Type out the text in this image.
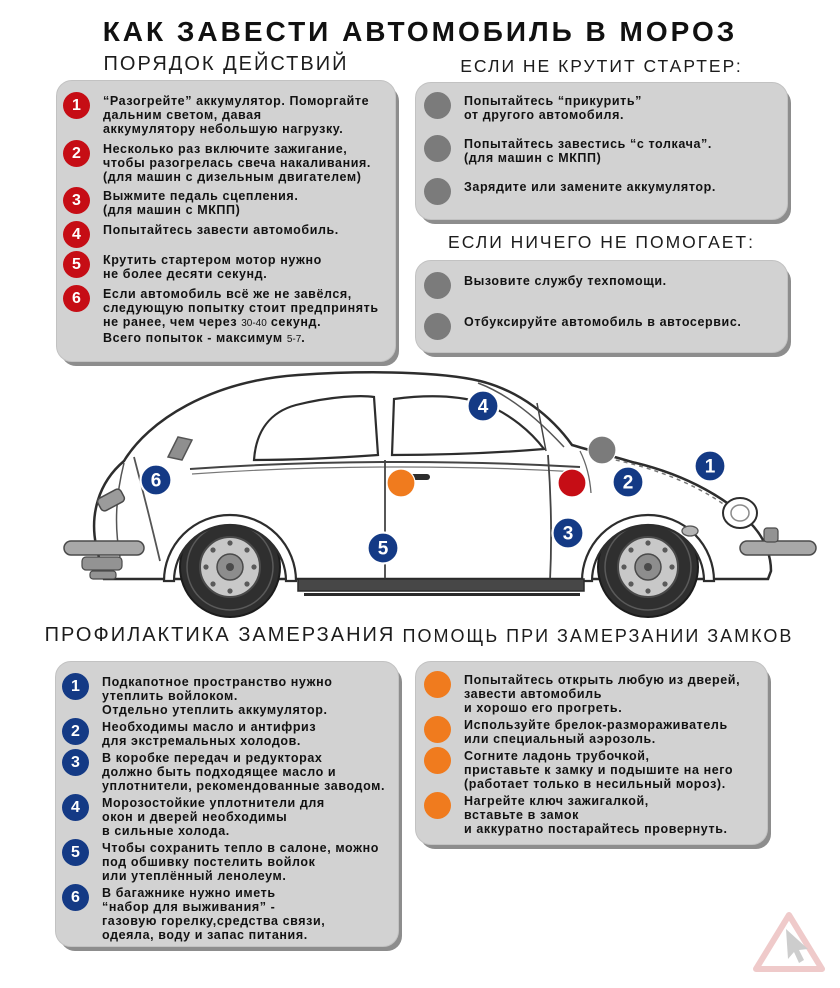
КАК ЗАВЕСТИ АВТОМОБИЛЬ В МОРОЗ
ПОРЯДОК ДЕЙСТВИЙ	ЕСЛИ НЕ КРУТИТ СТАРТЕР:
ЕСЛИ НИЧЕГО НЕ ПОМОГАЕТ:
ПРОФИЛАКТИКА ЗАМЕРЗАНИЯ ПОМОЩЬ ПРИ ЗАМЕРЗАНИИ ЗАМКОВ
1	“Разогрейте” аккумулятор. Поморгайте
дальним светом, давая
аккумулятору небольшую нагрузку.
2	Несколько раз включите зажигание,
чтобы разогрелась свеча накаливания.
(для машин с дизельным двигателем)
3	Выжмите педаль сцепления.
(для машин с МКПП)
4	Попытайтесь завести автомобиль.
5	Крутить стартером мотор нужно
не более десяти секунд.
6	Если автомобиль всё же не завёлся,
следующую попытку стоит предпринять
не ранее, чем через 30-40 секунд.
Всего попыток - максимум 5-7.
Попытайтесь “прикурить”
от другого автомобиля.
Попытайтесь завестись “с толкача”.
(для машин с МКПП)
Зарядите или замените аккумулятор.
Вызовите службу техпомощи.
Отбуксируйте автомобиль в автосервис.
1	Подкапотное пространство нужно
утеплить войлоком.
Отдельно утеплить аккумулятор.
2	Необходимы масло и антифриз
для экстремальных холодов.
3	В коробке передач и редукторах
должно быть подходящее масло и
уплотнители, рекомендованные заводом.
4	Морозостойкие уплотнители для
окон и дверей необходимы
в сильные холода.
5	Чтобы сохранить тепло в салоне, можно
под обшивку постелить войлок
или утеплённый ленолеум.
6	В багажнике нужно иметь
“набор для выживания” -
газовую горелку,средства связи,
одеяла, воду и запас питания.
Попытайтесь открыть любую из дверей,
завести автомобиль
и хорошо его прогреть.
Используйте брелок-размораживатель
или специальный аэрозоль.
Согните ладонь трубочкой,
приставьте к замку и подышите на него
(работает только в несильный мороз).
Нагрейте ключ зажигалкой,
вставьте в замок
и аккуратно постарайтесь провернуть.
6
5
4
2
1
3
